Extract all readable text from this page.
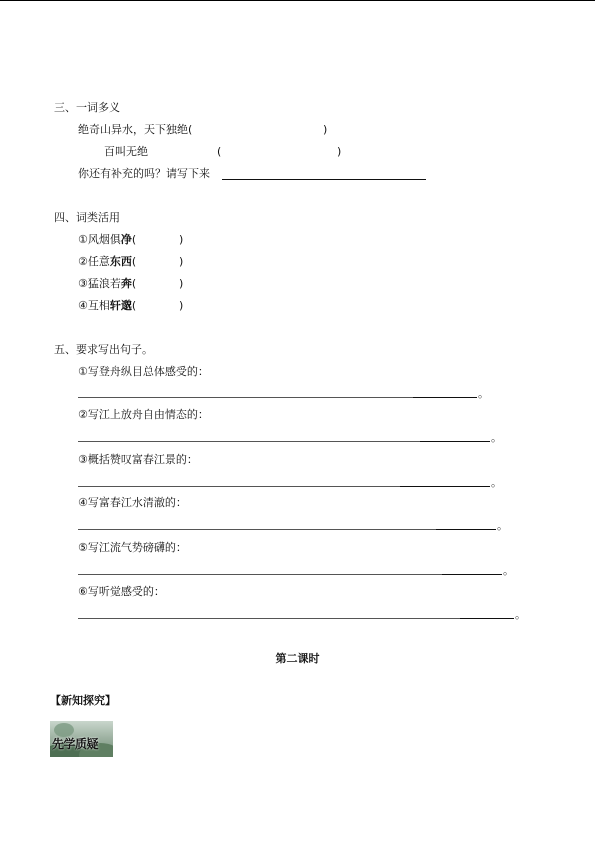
三、一词多义
绝奇山异水，天下独绝(	)
百叫无绝	(	)
你还有补充的吗？请写下来
四、词类活用
①风烟俱净(	)
②任意东西(	)
③猛浪若奔(	)
④互相轩邈(	)
五、要求写出句子。
①写登舟纵目总体感受的：
。
②写江上放舟自由情态的：
。
③概括赞叹富春江景的：
。
④写富春江水清澈的：
。
⑤写江流气势磅礴的：
。
⑥写听觉感受的：
。
第二课时
【新知探究】
先学质疑
